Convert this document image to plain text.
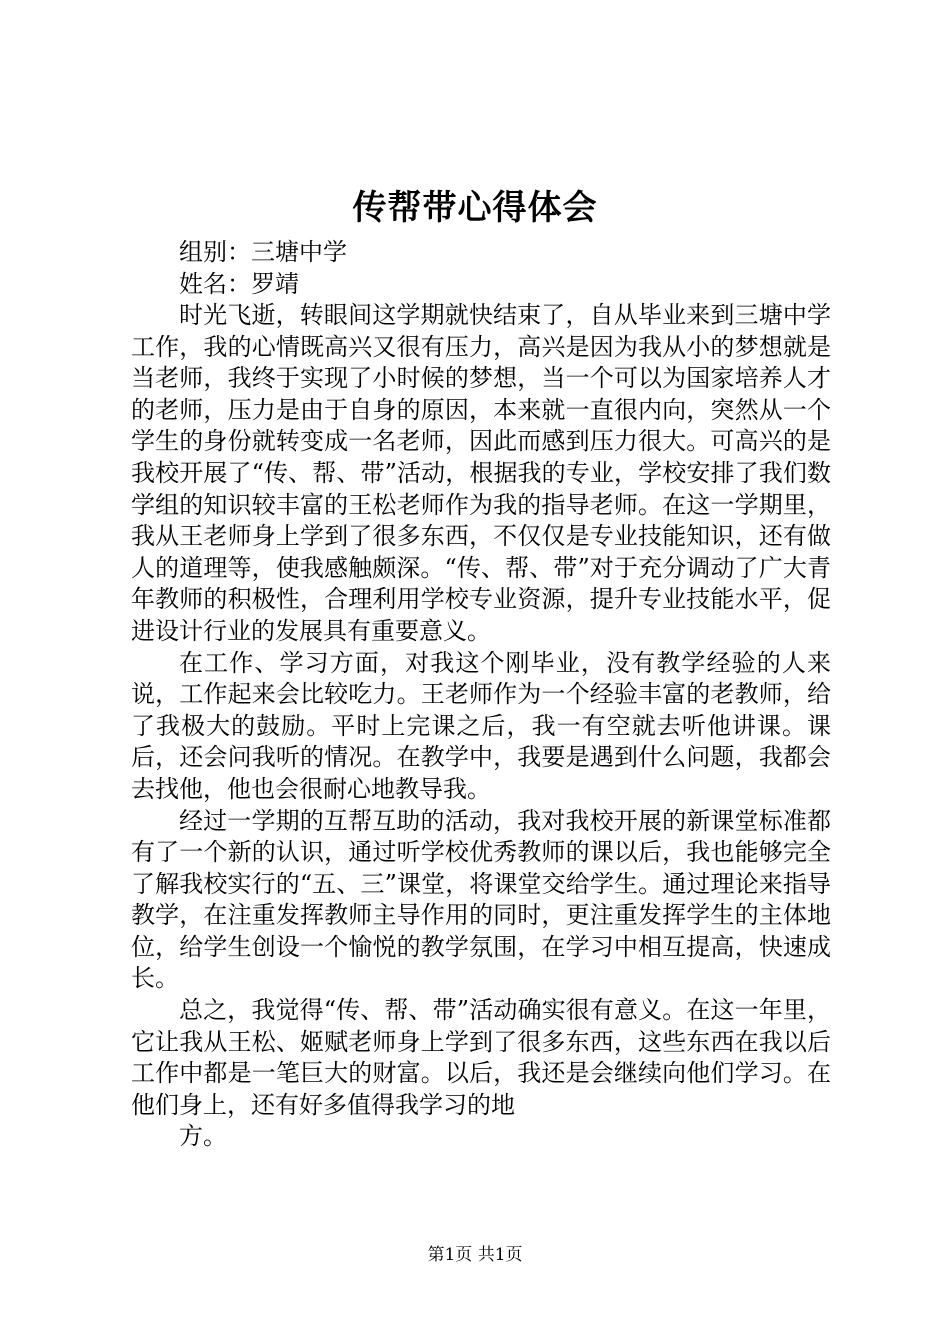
传帮带心得体会

组别：三塘中学

姓名：罗靖

时光飞逝，转眼间这学期就快结束了，自从毕业来到三塘中学工作，我的心情既高兴又很有压力，高兴是因为我从小的梦想就是当老师，我终于实现了小时候的梦想，当一个可以为国家培养人才的老师，压力是由于自身的原因，本来就一直很内向，突然从一个学生的身份就转变成一名老师，因此而感到压力很大。可高兴的是我校开展了“传、帮、带”活动，根据我的专业，学校安排了我们数学组的知识较丰富的王松老师作为我的指导老师。在这一学期里，我从王老师身上学到了很多东西，不仅仅是专业技能知识，还有做人的道理等，使我感触颇深。“传、帮、带”对于充分调动了广大青年教师的积极性，合理利用学校专业资源，提升专业技能水平，促进设计行业的发展具有重要意义。

在工作、学习方面，对我这个刚毕业，没有教学经验的人来说，工作起来会比较吃力。王老师作为一个经验丰富的老教师，给了我极大的鼓励。平时上完课之后，我一有空就去听他讲课。课后，还会问我听的情况。在教学中，我要是遇到什么问题，我都会去找他，他也会很耐心地教导我。

经过一学期的互帮互助的活动，我对我校开展的新课堂标准都有了一个新的认识，通过听学校优秀教师的课以后，我也能够完全了解我校实行的“五、三”课堂，将课堂交给学生。通过理论来指导教学，在注重发挥教师主导作用的同时，更注重发挥学生的主体地位，给学生创设一个愉悦的教学氛围，在学习中相互提高，快速成长。

总之，我觉得“传、帮、带”活动确实很有意义。在这一年里，它让我从王松、姬赋老师身上学到了很多东西，这些东西在我以后工作中都是一笔巨大的财富。以后，我还是会继续向他们学习。在他们身上，还有好多值得我学习的地

方。

第1页 共1页
